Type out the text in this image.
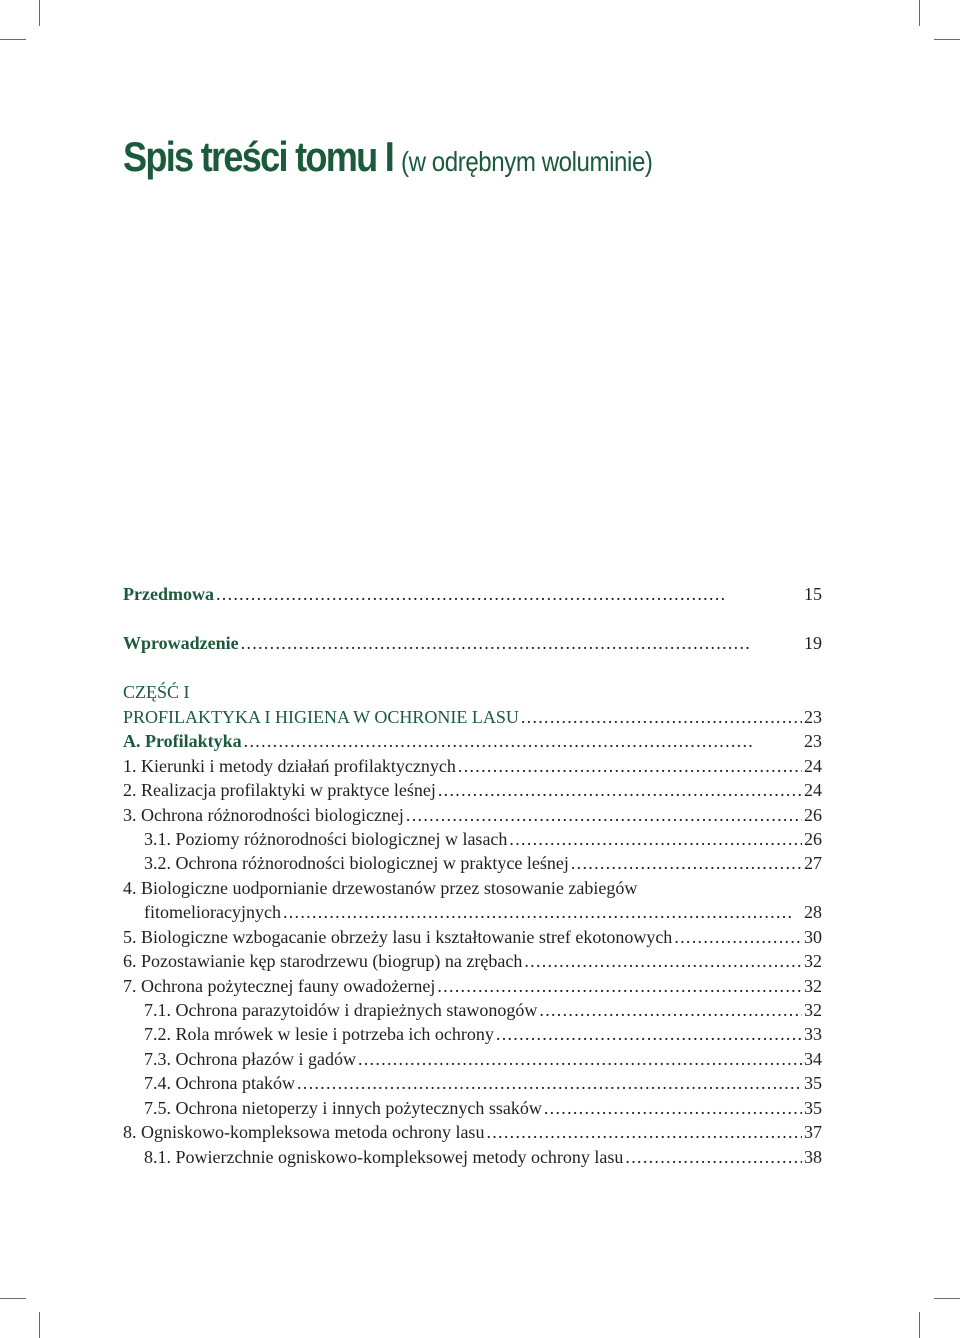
Spis treści tomu I (w odrębnym woluminie)
Przedmowa . . .	15
Wprowadzenie . . .	19
CZĘŚĆ I
PROFILAKTYKA I HIGIENA W OCHRONIE LASU . . .	23
A. Profilaktyka . . .	23
1. Kierunki i metody działań profilaktycznych . . .	24
2. Realizacja profilaktyki w praktyce leśnej . . .	24
3. Ochrona różnorodności biologicznej . . .	26
3.1. Poziomy różnorodności biologicznej w lasach . . .	26
3.2. Ochrona różnorodności biologicznej w praktyce leśnej . . .	27
4. Biologiczne uodpornianie drzewostanów przez stosowanie zabiegów
fitomelioracyjnych . . .	28
5. Biologiczne wzbogacanie obrzeży lasu i kształtowanie stref ekotonowych . . .	30
6. Pozostawianie kęp starodrzewu (biogrup) na zrębach . . .	32
7. Ochrona pożytecznej fauny owadożernej . . .	32
7.1. Ochrona parazytoidów i drapieżnych stawonogów . . .	32
7.2. Rola mrówek w lesie i potrzeba ich ochrony . . .	33
7.3. Ochrona płazów i gadów . . .	34
7.4. Ochrona ptaków . . .	35
7.5. Ochrona nietoperzy i innych pożytecznych ssaków . . .	35
8. Ogniskowo-kompleksowa metoda ochrony lasu . . .	37
8.1. Powierzchnie ogniskowo-kompleksowej metody ochrony lasu . . .	38
